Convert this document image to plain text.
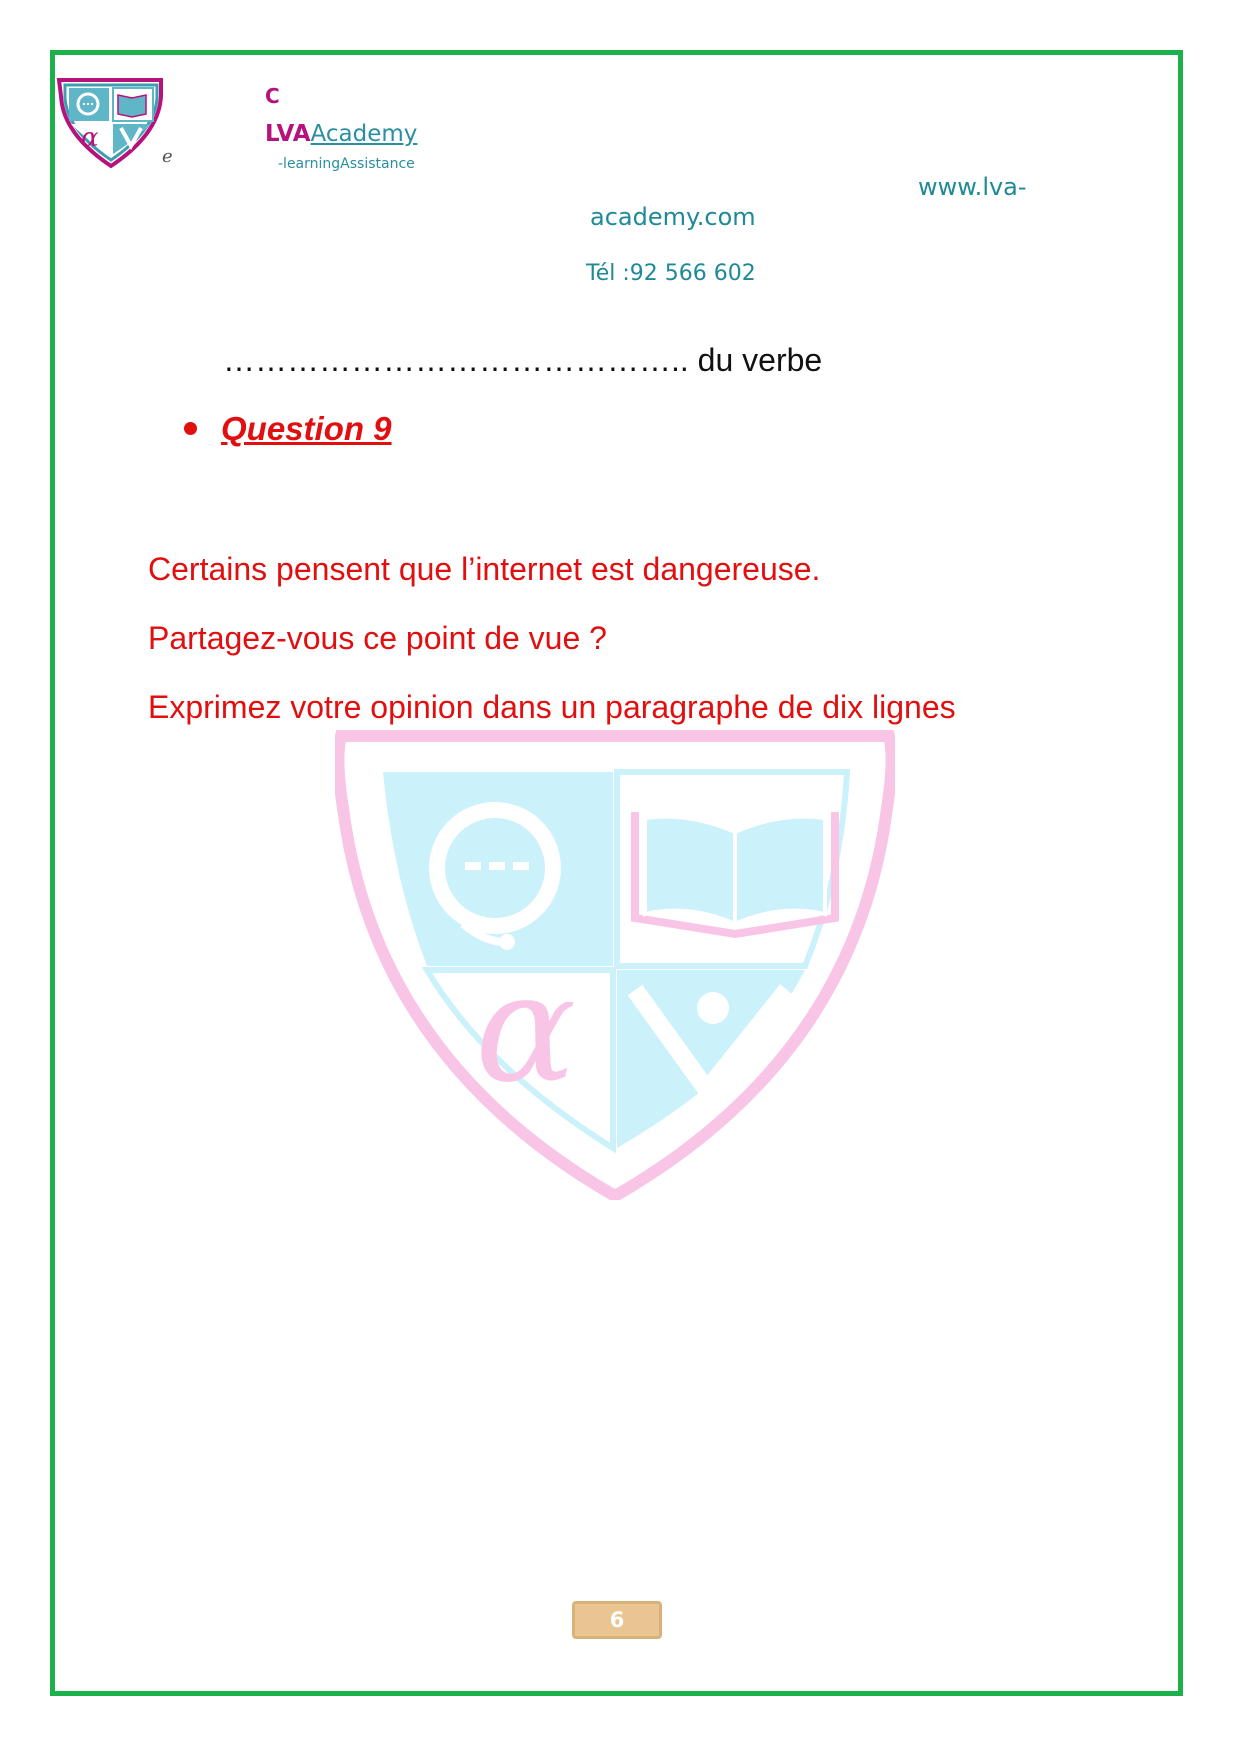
α
e
C
LVAAcademy
-learningAssistance
www.lva-
academy.com
Tél :92 566 602
…………………………………….. du verbe
Question 9
Certains pensent que l’internet est dangereuse.
Partagez-vous ce point de vue ?
Exprimez votre opinion dans un paragraphe de dix lignes
α
6
